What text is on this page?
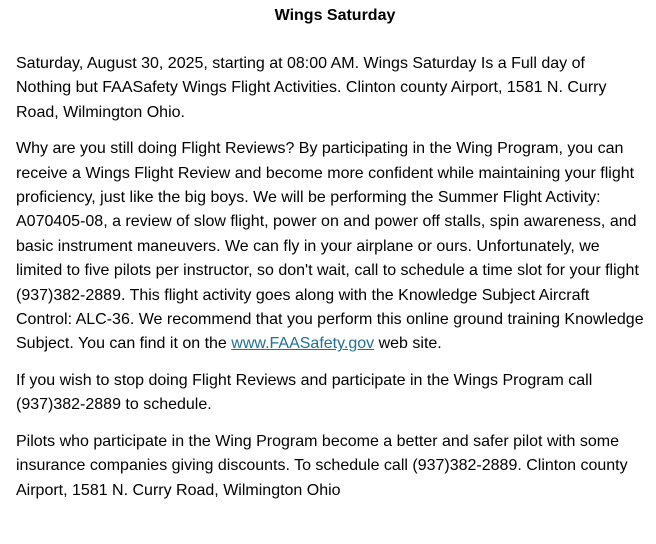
Wings Saturday

Saturday, August 30, 2025, starting at 08:00 AM. Wings Saturday Is a Full day of Nothing but FAASafety Wings Flight Activities. Clinton county Airport, 1581 N. Curry Road, Wilmington Ohio.

Why are you still doing Flight Reviews? By participating in the Wing Program, you can receive a Wings Flight Review and become more confident while maintaining your flight proficiency, just like the big boys. We will be performing the Summer Flight Activity: A070405-08, a review of slow flight, power on and power off stalls, spin awareness, and basic instrument maneuvers. We can fly in your airplane or ours. Unfortunately, we limited to five pilots per instructor, so don't wait, call to schedule a time slot for your flight (937)382-2889. This flight activity goes along with the Knowledge Subject Aircraft Control: ALC-36. We recommend that you perform this online ground training Knowledge Subject. You can find it on the www.FAASafety.gov web site.

If you wish to stop doing Flight Reviews and participate in the Wings Program call (937)382-2889 to schedule.

Pilots who participate in the Wing Program become a better and safer pilot with some insurance companies giving discounts. To schedule call (937)382-2889. Clinton county Airport, 1581 N. Curry Road, Wilmington Ohio
